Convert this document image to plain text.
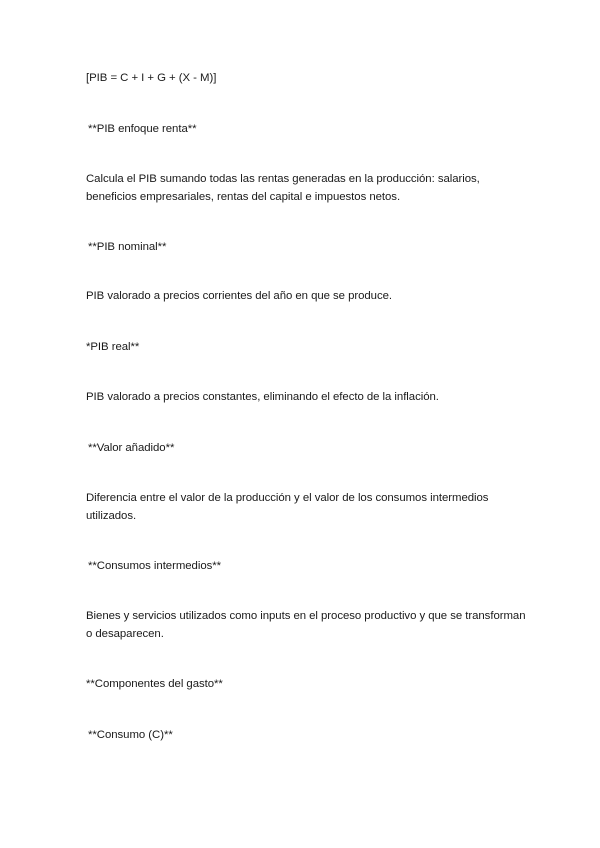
[PIB = C + I + G + (X - M)]
**PIB enfoque renta**
Calcula el PIB sumando todas las rentas generadas en la producción: salarios, beneficios empresariales, rentas del capital e impuestos netos.
**PIB nominal**
PIB valorado a precios corrientes del año en que se produce.
*PIB real**
PIB valorado a precios constantes, eliminando el efecto de la inflación.
**Valor añadido**
Diferencia entre el valor de la producción y el valor de los consumos intermedios utilizados.
**Consumos intermedios**
Bienes y servicios utilizados como inputs en el proceso productivo y que se transforman o desaparecen.
**Componentes del gasto**
**Consumo (C)**
